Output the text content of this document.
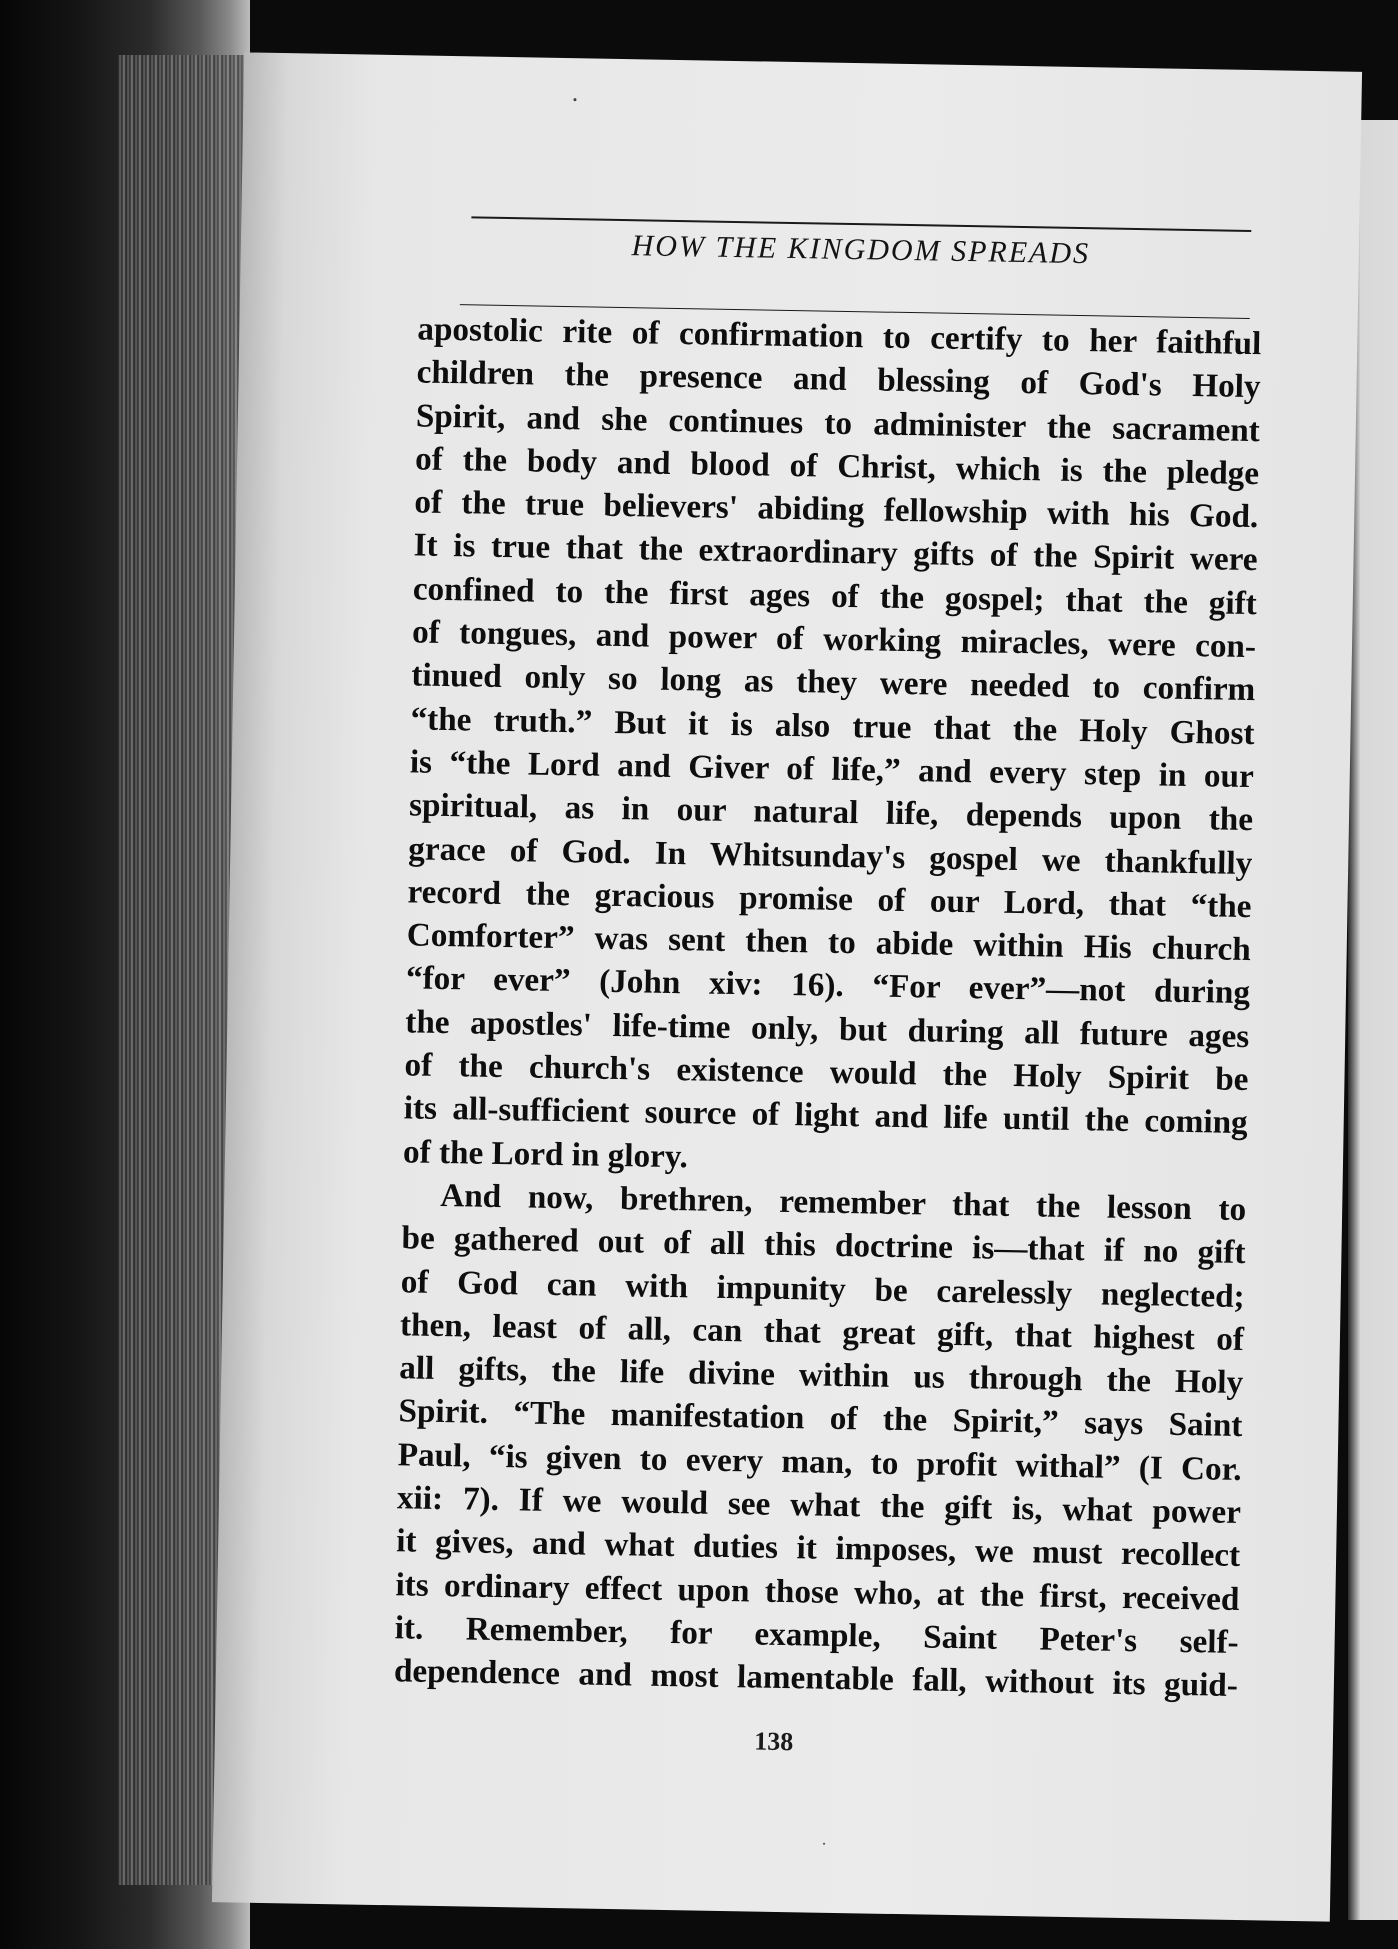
HOW THE KINGDOM SPREADS
apostolic rite of confirmation to certify to her faithful
children the presence and blessing of God's Holy
Spirit, and she continues to administer the sacrament
of the body and blood of Christ, which is the pledge
of the true believers' abiding fellowship with his God.
It is true that the extraordinary gifts of the Spirit were
confined to the first ages of the gospel; that the gift
of tongues, and power of working miracles, were con-
tinued only so long as they were needed to confirm
“the truth.” But it is also true that the Holy Ghost
is “the Lord and Giver of life,” and every step in our
spiritual, as in our natural life, depends upon the
grace of God. In Whitsunday's gospel we thankfully
record the gracious promise of our Lord, that “the
Comforter” was sent then to abide within His church
“for ever” (John xiv: 16). “For ever”—not during
the apostles' life-time only, but during all future ages
of the church's existence would the Holy Spirit be
its all-sufficient source of light and life until the coming
of the Lord in glory.
And now, brethren, remember that the lesson to
be gathered out of all this doctrine is—that if no gift
of God can with impunity be carelessly neglected;
then, least of all, can that great gift, that highest of
all gifts, the life divine within us through the Holy
Spirit. “The manifestation of the Spirit,” says Saint
Paul, “is given to every man, to profit withal” (I Cor.
xii: 7). If we would see what the gift is, what power
it gives, and what duties it imposes, we must recollect
its ordinary effect upon those who, at the first, received
it. Remember, for example, Saint Peter's self-
dependence and most lamentable fall, without its guid-
138
